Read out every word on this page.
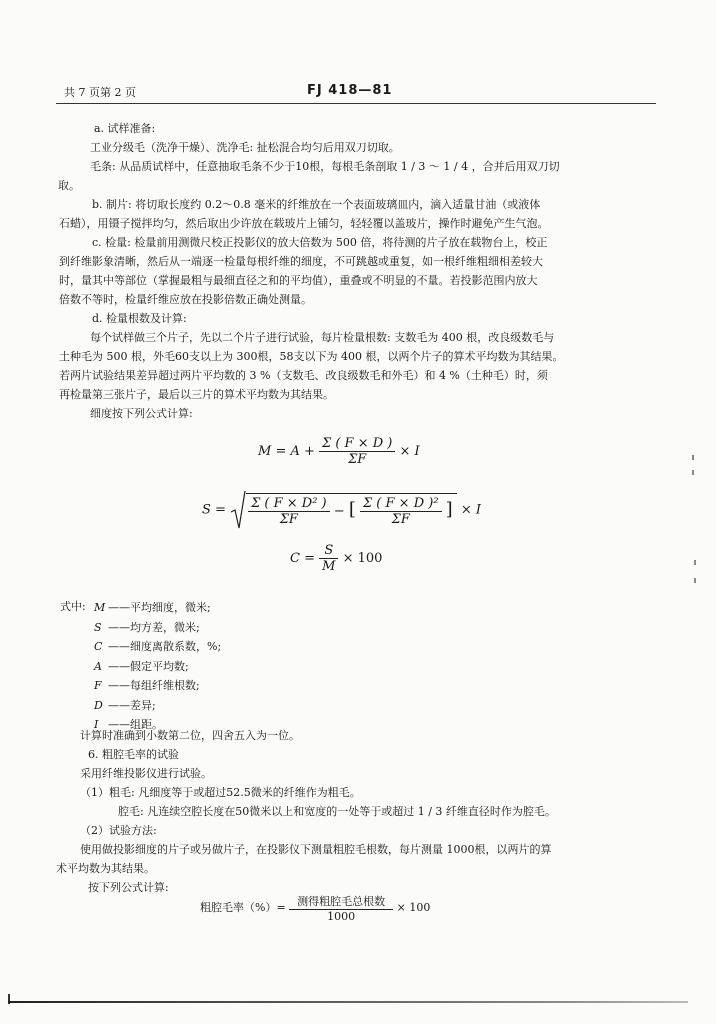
共 7 页第 2 页	FJ 418—81
a. 试样准备:
工业分级毛（洗净干燥）、洗净毛: 扯松混合均匀后用双刀切取。
毛条: 从品质试样中，任意抽取毛条不少于10根，每根毛条剖取 1 / 3 ～ 1 / 4 ，合并后用双刀切
取。
b. 制片: 将切取长度约 0.2～0.8 毫米的纤维放在一个表面玻璃皿内，滴入适量甘油（或液体
石蜡），用镊子搅拌均匀，然后取出少许放在载玻片上铺匀，轻轻覆以盖玻片，操作时避免产生气泡。
c. 检量: 检量前用测微尺校正投影仪的放大倍数为 500 倍，将待测的片子放在载物台上，校正
到纤维影象清晰，然后从一端逐一检量每根纤维的细度，不可跳越或重复，如一根纤维粗细相差较大
时，量其中等部位（掌握最粗与最细直径之和的平均值），重叠或不明显的不量。若投影范围内放大
倍数不等时，检量纤维应放在投影倍数正确处测量。
d. 检量根数及计算:
每个试样做三个片子，先以二个片子进行试验，每片检量根数: 支数毛为 400 根，改良级数毛与
土种毛为 500 根，外毛60支以上为 300根，58支以下为 400 根，以两个片子的算术平均数为其结果。
若两片试验结果差异超过两片平均数的 3 %（支数毛、改良级数毛和外毛）和 4 %（土种毛）时，须
再检量第三张片子，最后以三片的算术平均数为其结果。
细度按下列公式计算:
$M = A + \frac{\Sigma ( F \times D )}{\Sigma F} \times I$
$S = \frac{\text{Σ ( F × D² )}}{\Sigma F}$ − [ $\frac{\text{Σ ( F × D )²}}{\Sigma F}$ ] × I
$C = \frac{S}{M} \times 100$
式中: M ——平均细度，微米;
S ——均方差，微米;
C ——细度离散系数，%;
A ——假定平均数;
F ——每组纤维根数;
D ——差异;
I ——组距。
计算时准确到小数第二位，四舍五入为一位。
6. 粗腔毛率的试验
采用纤维投影仪进行试验。
（1）粗毛: 凡细度等于或超过52.5微米的纤维作为粗毛。
腔毛: 凡连续空腔长度在50微米以上和宽度的一处等于或超过 1 / 3 纤维直径时作为腔毛。
（2）试验方法:
使用做投影细度的片子或另做片子，在投影仪下测量粗腔毛根数，每片测量 1000根，以两片的算
术平均数为其结果。
按下列公式计算:
粗腔毛率（%）= $\frac{\text{测得粗腔毛总根数}}{1000} \times 100$
